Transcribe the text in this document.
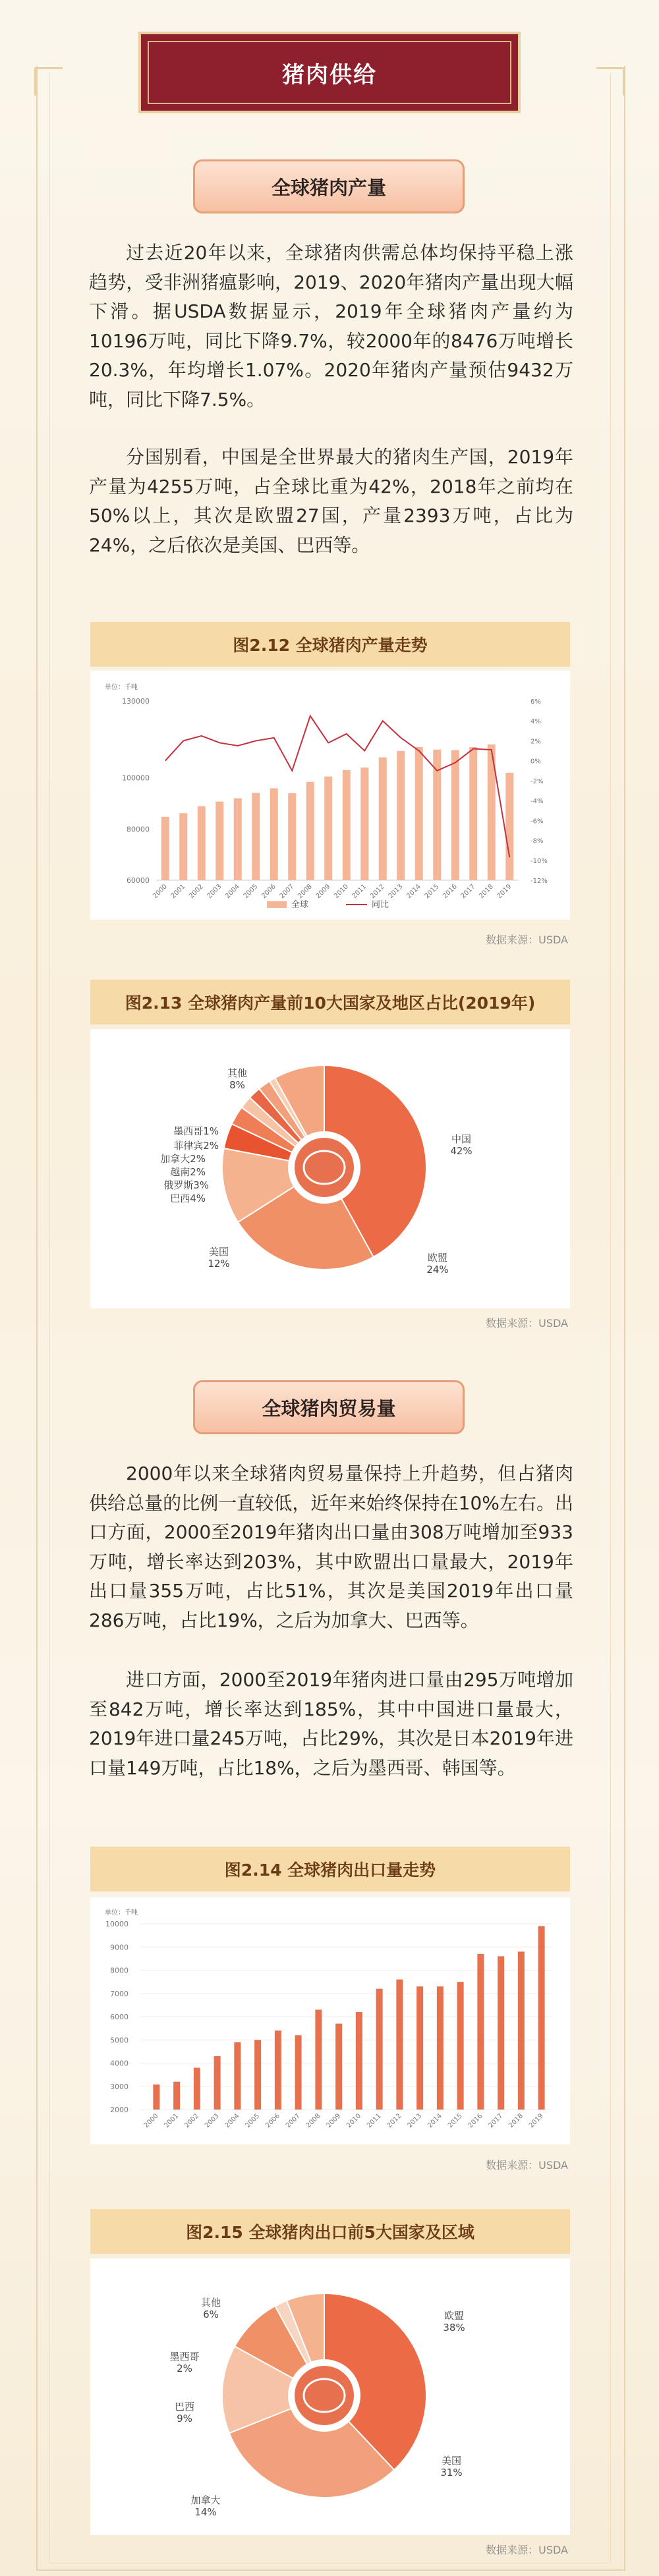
猪肉供给
全球猪肉产量

过去近20年以来，全球猪肉供需总体均保持平稳上涨趋势，受非洲猪瘟影响，2019、2020年猪肉产量出现大幅下滑。据USDA数据显示，2019年全球猪肉产量约为10196万吨，同比下降9.7%，较2000年的8476万吨增长20.3%，年均增长1.07%。2020年猪肉产量预估9432万吨，同比下降7.5%。

分国别看，中国是全世界最大的猪肉生产国，2019年产量为4255万吨，占全球比重为42%，2018年之前均在50%以上，其次是欧盟27国，产量2393万吨，占比为24%，之后依次是美国、巴西等。

图2.12 全球猪肉产量走势
单位：千吨
60000
80000
100000
130000	6%
4%
2%
0%
-2%
-4%
-6%
-8%
-10%
-12%
2000 2001 2002 2003 2004 2005 2006 2007 2008 2009 2010 2011 2012 2013 2014 2015 2016 2017 2018 2019
全球	同比
数据来源：USDA
图2.13 全球猪肉产量前10大国家及地区占比(2019年)
中国
42%
欧盟
24%
美国
12%
巴西4%
俄罗斯3%
越南2%
加拿大2%
菲律宾2%
墨西哥1%
其他
8%
数据来源：USDA
全球猪肉贸易量

2000年以来全球猪肉贸易量保持上升趋势，但占猪肉供给总量的比例一直较低，近年来始终保持在10%左右。出口方面，2000至2019年猪肉出口量由308万吨增加至933万吨，增长率达到203%，其中欧盟出口量最大，2019年出口量355万吨，占比51%，其次是美国2019年出口量286万吨，占比19%，之后为加拿大、巴西等。

进口方面，2000至2019年猪肉进口量由295万吨增加至842万吨，增长率达到185%，其中中国进口量最大，2019年进口量245万吨，占比29%，其次是日本2019年进口量149万吨，占比18%，之后为墨西哥、韩国等。

图2.14 全球猪肉出口量走势
单位：千吨
2000
3000
4000
5000
6000
7000
8000
9000
10000
2000 2001 2002 2003 2004 2005 2006 2007 2008 2009 2010 2011 2012 2013 2014 2015 2016 2017 2018 2019
数据来源：USDA
图2.15 全球猪肉出口前5大国家及区域
欧盟
38%
美国
31%
加拿大
14%
巴西
9%
墨西哥
2%
其他
6%
数据来源：USDA
